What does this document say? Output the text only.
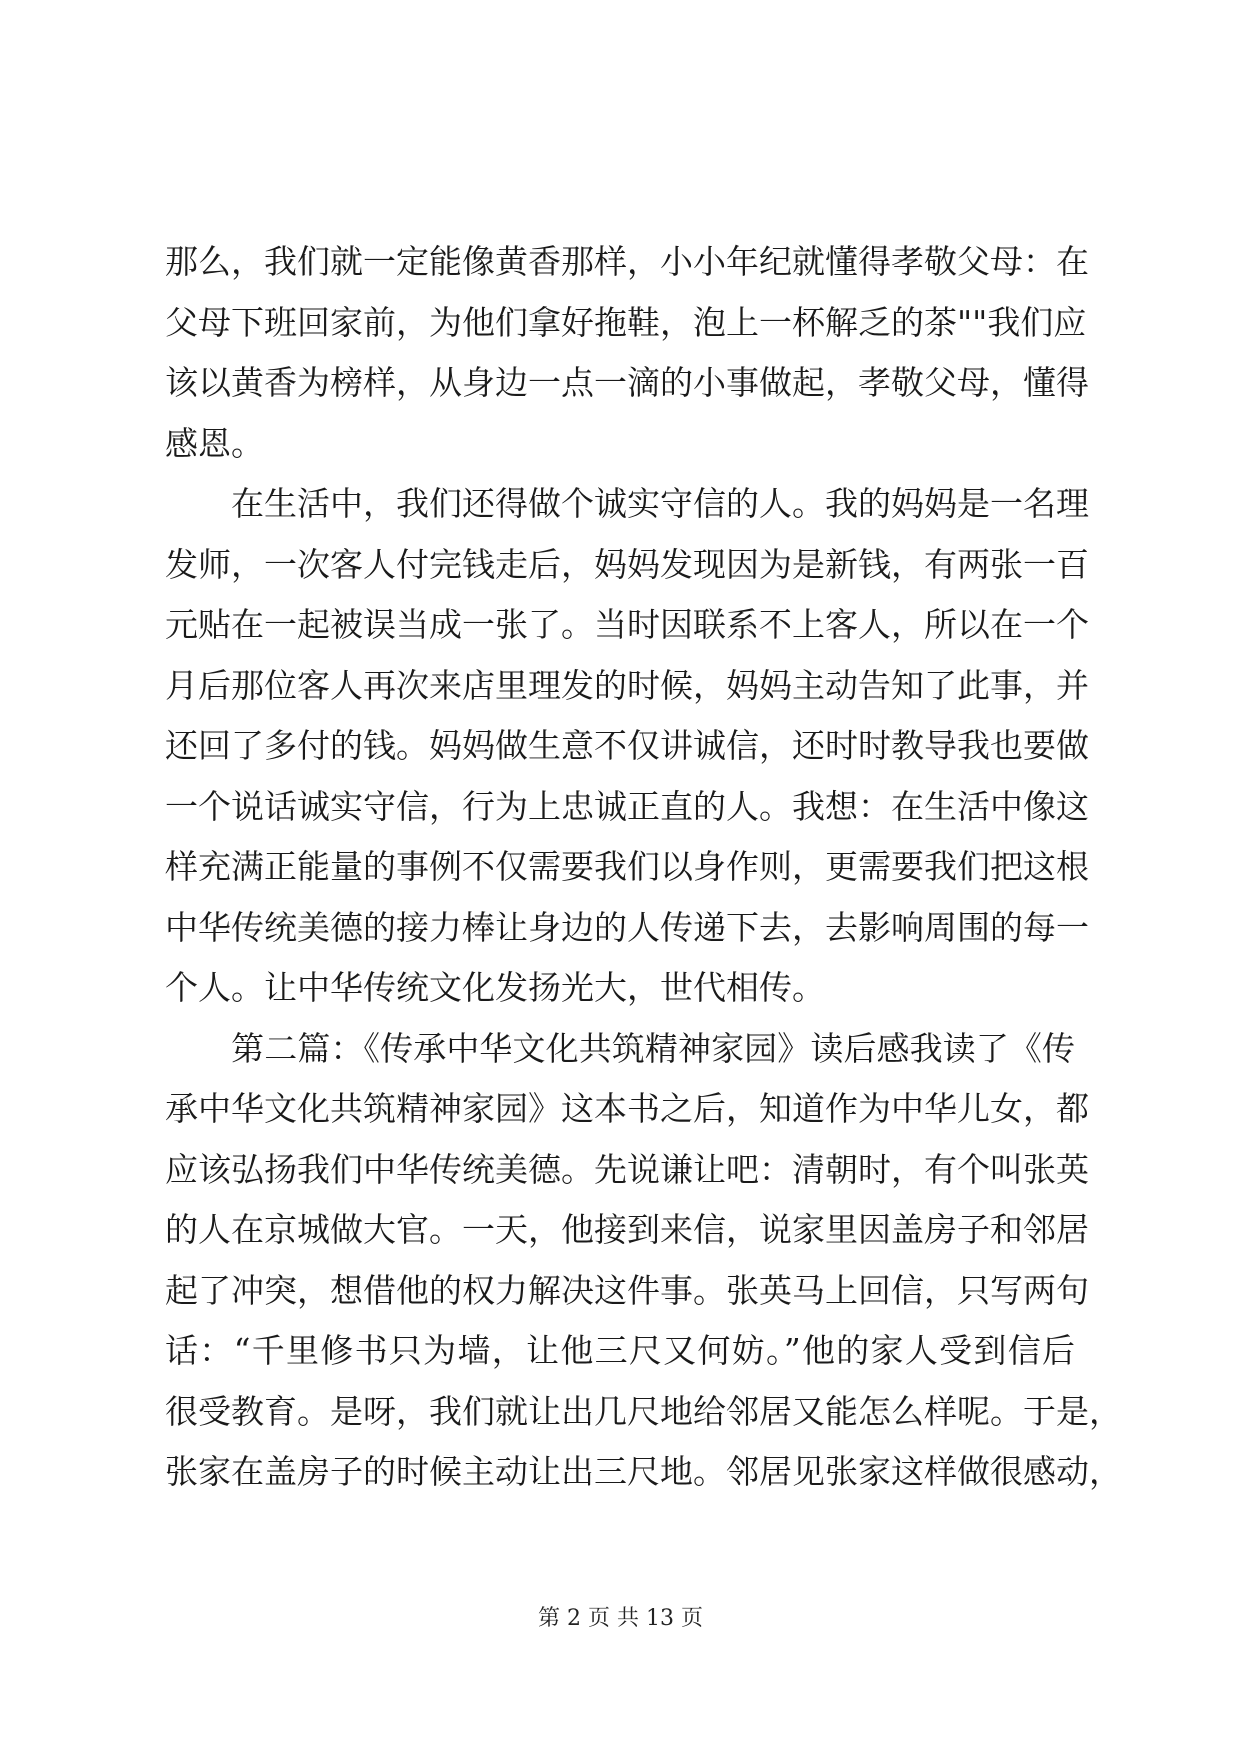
那么，我们就一定能像黄香那样，小小年纪就懂得孝敬父母：在
父母下班回家前，为他们拿好拖鞋，泡上一杯解乏的茶""我们应
该以黄香为榜样，从身边一点一滴的小事做起，孝敬父母，懂得
感恩。
　　在生活中，我们还得做个诚实守信的人。我的妈妈是一名理
发师，一次客人付完钱走后，妈妈发现因为是新钱，有两张一百
元贴在一起被误当成一张了。当时因联系不上客人，所以在一个
月后那位客人再次来店里理发的时候，妈妈主动告知了此事，并
还回了多付的钱。妈妈做生意不仅讲诚信，还时时教导我也要做
一个说话诚实守信，行为上忠诚正直的人。我想：在生活中像这
样充满正能量的事例不仅需要我们以身作则，更需要我们把这根
中华传统美德的接力棒让身边的人传递下去，去影响周围的每一
个人。让中华传统文化发扬光大，世代相传。
　　第二篇：《传承中华文化共筑精神家园》读后感我读了《传
承中华文化共筑精神家园》这本书之后，知道作为中华儿女，都
应该弘扬我们中华传统美德。先说谦让吧：清朝时，有个叫张英
的人在京城做大官。一天，他接到来信，说家里因盖房子和邻居
起了冲突，想借他的权力解决这件事。张英马上回信，只写两句
话：“千里修书只为墙，让他三尺又何妨。”他的家人受到信后
很受教育。是呀，我们就让出几尺地给邻居又能怎么样呢。于是，
张家在盖房子的时候主动让出三尺地。邻居见张家这样做很感动，
第 2 页 共 13 页
